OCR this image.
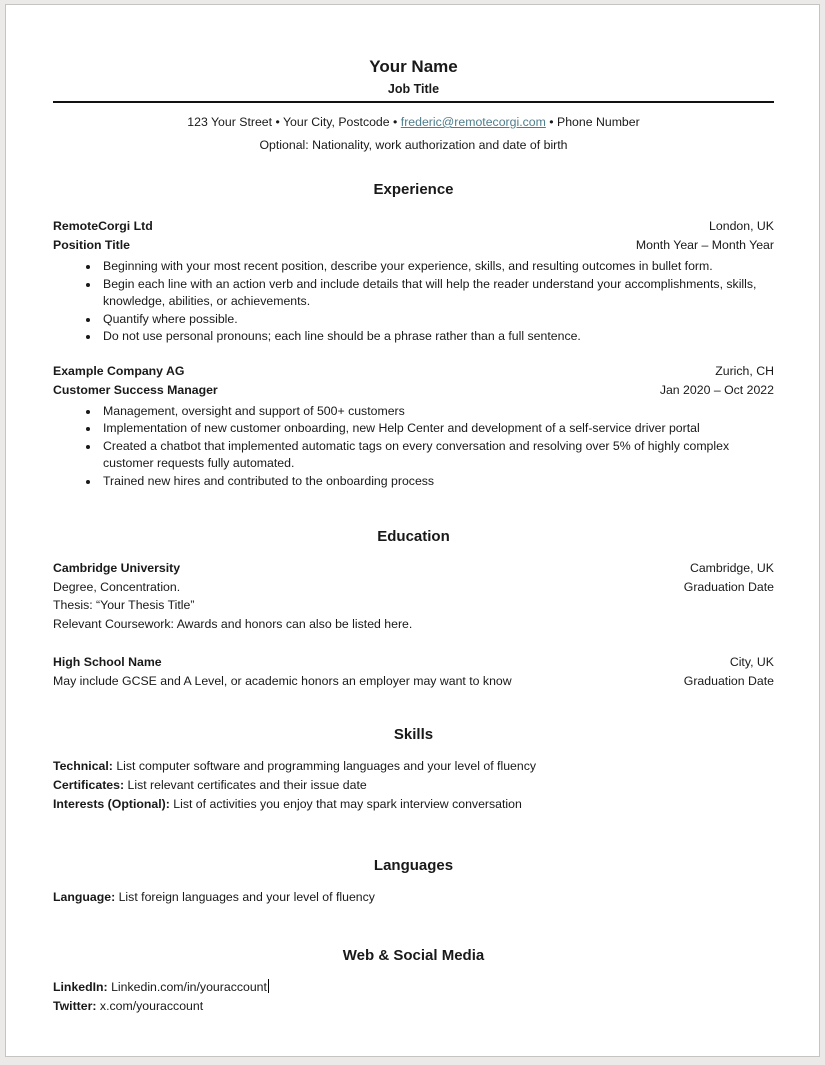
Your Name
Job Title
123 Your Street • Your City, Postcode • frederic@remotecorgi.com • Phone Number
Optional: Nationality, work authorization and date of birth
Experience
RemoteCorgi Ltd	London, UK
Position Title	Month Year – Month Year
• Beginning with your most recent position, describe your experience, skills, and resulting outcomes in bullet form.
• Begin each line with an action verb and include details that will help the reader understand your accomplishments, skills, knowledge, abilities, or achievements.
• Quantify where possible.
• Do not use personal pronouns; each line should be a phrase rather than a full sentence.
Example Company AG	Zurich, CH
Customer Success Manager	Jan 2020 – Oct 2022
• Management, oversight and support of 500+ customers
• Implementation of new customer onboarding, new Help Center and development of a self-service driver portal
• Created a chatbot that implemented automatic tags on every conversation and resolving over 5% of highly complex customer requests fully automated.
• Trained new hires and contributed to the onboarding process
Education
Cambridge University	Cambridge, UK
Degree, Concentration.	Graduation Date
Thesis: “Your Thesis Title”
Relevant Coursework: Awards and honors can also be listed here.
High School Name	City, UK
May include GCSE and A Level, or academic honors an employer may want to know	Graduation Date
Skills
Technical: List computer software and programming languages and your level of fluency
Certificates: List relevant certificates and their issue date
Interests (Optional): List of activities you enjoy that may spark interview conversation
Languages
Language: List foreign languages and your level of fluency
Web & Social Media
LinkedIn: Linkedin.com/in/youraccount
Twitter: x.com/youraccount
